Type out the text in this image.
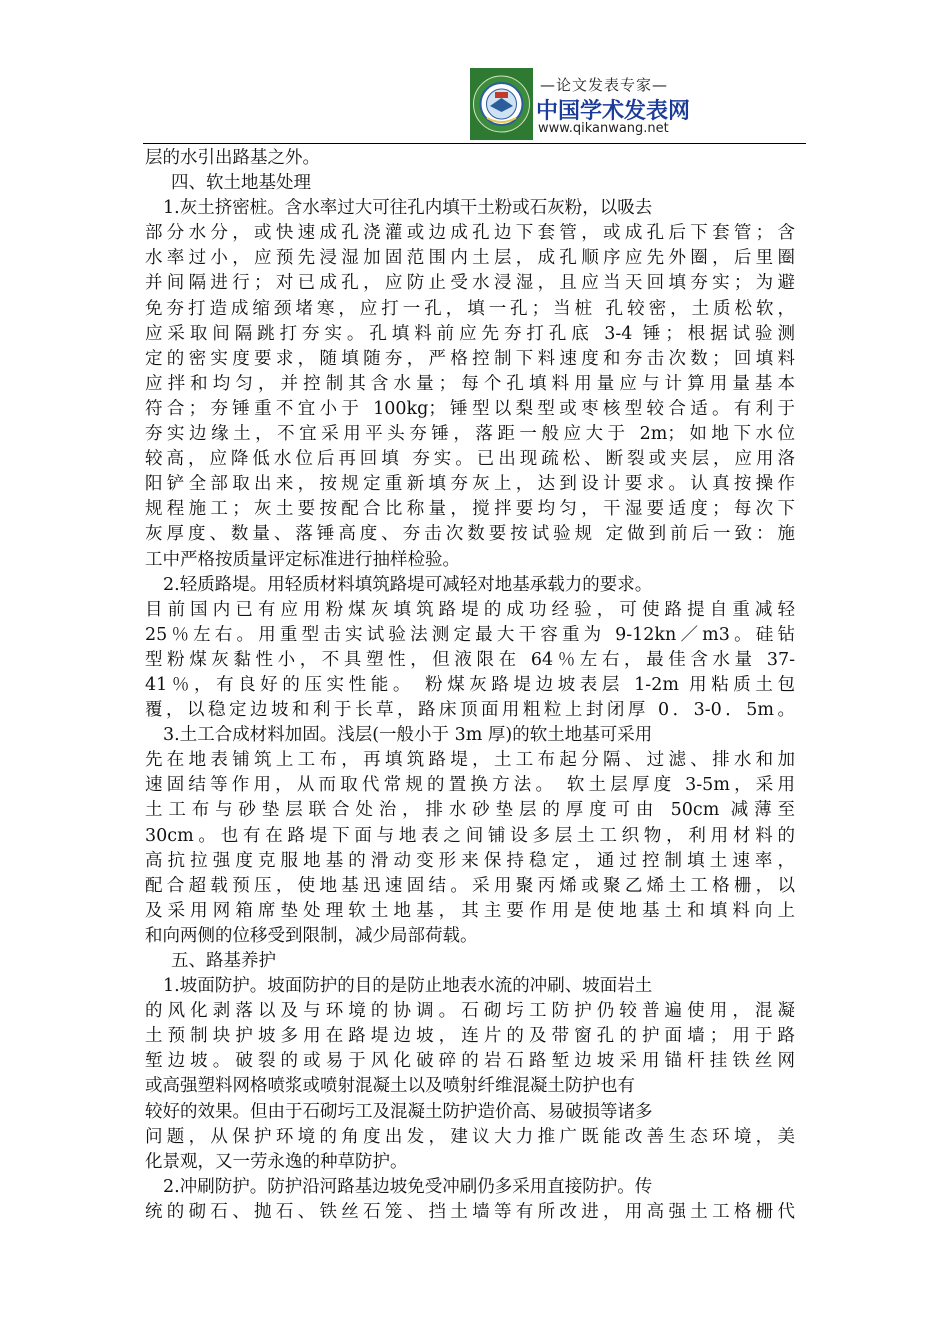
—论文发表专家—
中国学术发表网
www.qikanwang.net
层的水引出路基之外。
四、软土地基处理
1.灰土挤密桩。含水率过大可往孔内填干土粉或石灰粉，以吸去
部分水分，或快速成孔浇灌或边成孔边下套管，或成孔后下套管；含
水率过小，应预先浸湿加固范围内土层，成孔顺序应先外圈，后里圈
并间隔进行；对已成孔，应防止受水浸湿，且应当天回填夯实；为避
免夯打造成缩颈堵寒，应打一孔，填一孔；当桩 孔较密，土质松软，
应采取间隔跳打夯实。孔填料前应先夯打孔底 3-4 锤；根据试验测
定的密实度要求，随填随夯，严格控制下料速度和夯击次数；回填料
应拌和均匀，并控制其含水量；每个孔填料用量应与计算用量基本
符合；夯锤重不宜小于 100kg；锤型以梨型或枣核型较合适。有利于
夯实边缘土，不宜采用平头夯锤，落距一般应大于 2m；如地下水位
较高，应降低水位后再回填 夯实。已出现疏松、断裂或夹层，应用洛
阳铲全部取出来，按规定重新填夯灰上，达到设计要求。认真按操作
规程施工；灰土要按配合比称量，搅拌要均匀，干湿要适度；每次下
灰厚度、数量、落锤高度、夯击次数要按试验规 定做到前后一致：施
工中严格按质量评定标准进行抽样检验。
2.轻质路堤。用轻质材料填筑路堤可减轻对地基承载力的要求。
目前国内已有应用粉煤灰填筑路堤的成功经验，可使路提自重减轻
25％左右。用重型击实试验法测定最大干容重为 9-12kn／m3。硅钻
型粉煤灰黏性小，不具塑性，但液限在 64％左右，最佳含水量 37-
41％，有良好的压实性能。 粉煤灰路堤边坡表层 1-2m 用粘质土包
覆，以稳定边坡和利于长草，路床顶面用粗粒上封闭厚 0．3-0．5m。
3.土工合成材料加固。浅层(一般小于 3m 厚)的软土地基可采用
先在地表铺筑上工布，再填筑路堤，土工布起分隔、过滤、排水和加
速固结等作用，从而取代常规的置换方法。 软土层厚度 3-5m，采用
土工布与砂垫层联合处治，排水砂垫层的厚度可由 50cm 减薄至
30cm。也有在路堤下面与地表之间铺设多层土工织物，利用材料的
高抗拉强度克服地基的滑动变形来保持稳定，通过控制填土速率，
配合超载预压，使地基迅速固结。采用聚丙烯或聚乙烯土工格栅，以
及采用网箱席垫处理软土地基，其主要作用是使地基土和填料向上
和向两侧的位移受到限制，减少局部荷载。
五、路基养护
1.坡面防护。坡面防护的目的是防止地表水流的冲刷、坡面岩土
的风化剥落以及与环境的协调。石砌圬工防护仍较普遍使用，混凝
土预制块护坡多用在路堤边坡，连片的及带窗孔的护面墙；用于路
堑边坡。破裂的或易于风化破碎的岩石路堑边坡采用锚杆挂铁丝网
或高强塑料网格喷浆或喷射混凝土以及喷射纤维混凝土防护也有
较好的效果。但由于石砌圬工及混凝土防护造价高、易破损等诸多
问题，从保护环境的角度出发，建议大力推广既能改善生态环境，美
化景观，又一劳永逸的种草防护。
2.冲刷防护。防护沿河路基边坡免受冲刷仍多采用直接防护。传
统的砌石、抛石、铁丝石笼、挡土墙等有所改进，用高强土工格栅代
